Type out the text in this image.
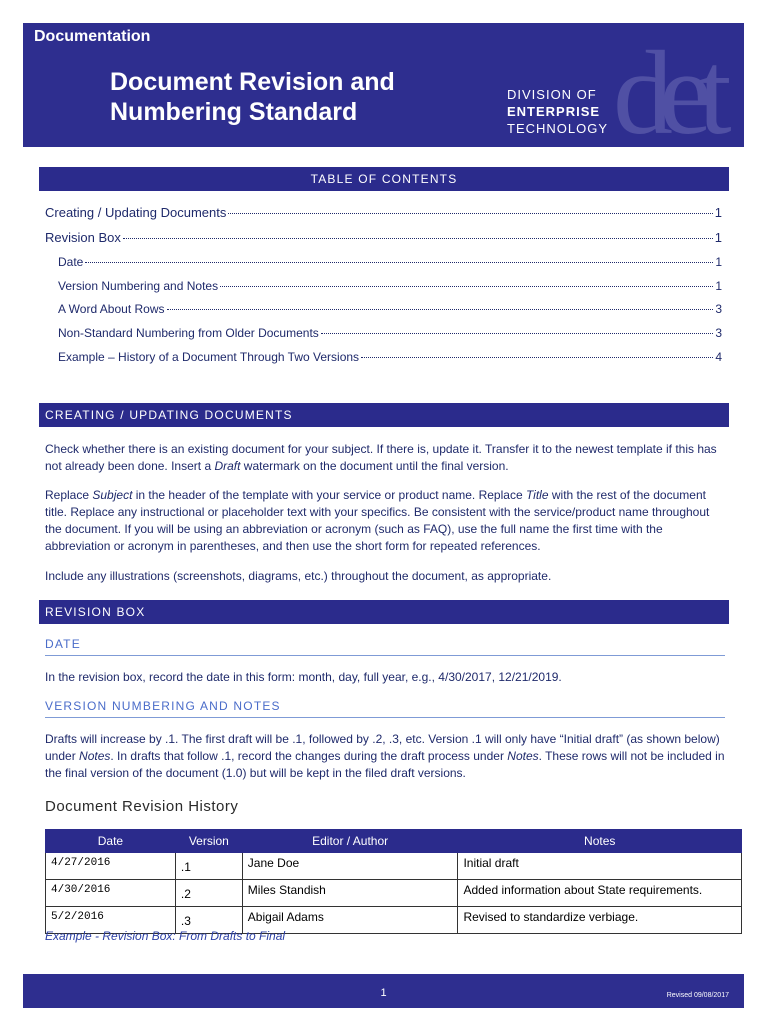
Documentation
Document Revision and
Numbering Standard	det
DIVISION OF
ENTERPRISE
TECHNOLOGY
TABLE OF CONTENTS
Creating / Updating Documents	1
Revision Box	1
Date	1
Version Numbering and Notes	1
A Word About Rows	3
Non-Standard Numbering from Older Documents	3
Example – History of a Document Through Two Versions	4
CREATING / UPDATING DOCUMENTS

Check whether there is an existing document for your subject. If there is, update it. Transfer it to the newest template if this has not already been done. Insert a Draft watermark on the document until the final version.

Replace Subject in the header of the template with your service or product name. Replace Title with the rest of the document title. Replace any instructional or placeholder text with your specifics. Be consistent with the service/product name throughout the document. If you will be using an abbreviation or acronym (such as FAQ), use the full name the first time with the abbreviation or acronym in parentheses, and then use the short form for repeated references.

Include any illustrations (screenshots, diagrams, etc.) throughout the document, as appropriate.

REVISION BOX
DATE

In the revision box, record the date in this form: month, day, full year, e.g., 4/30/2017, 12/21/2019.

VERSION NUMBERING AND NOTES

Drafts will increase by .1. The first draft will be .1, followed by .2, .3, etc. Version .1 will only have “Initial draft” (as shown below) under Notes. In drafts that follow .1, record the changes during the draft process under Notes. These rows will not be included in the final version of the document (1.0) but will be kept in the filed draft versions.

Document Revision History
Date	Version	Editor / Author	Notes
4/27/2016	.1	Jane Doe	Initial draft
4/30/2016	.2	Miles Standish	Added information about State requirements.
5/2/2016	.3	Abigail Adams	Revised to standardize verbiage.
Example - Revision Box: From Drafts to Final
1	Revised 09/08/2017
